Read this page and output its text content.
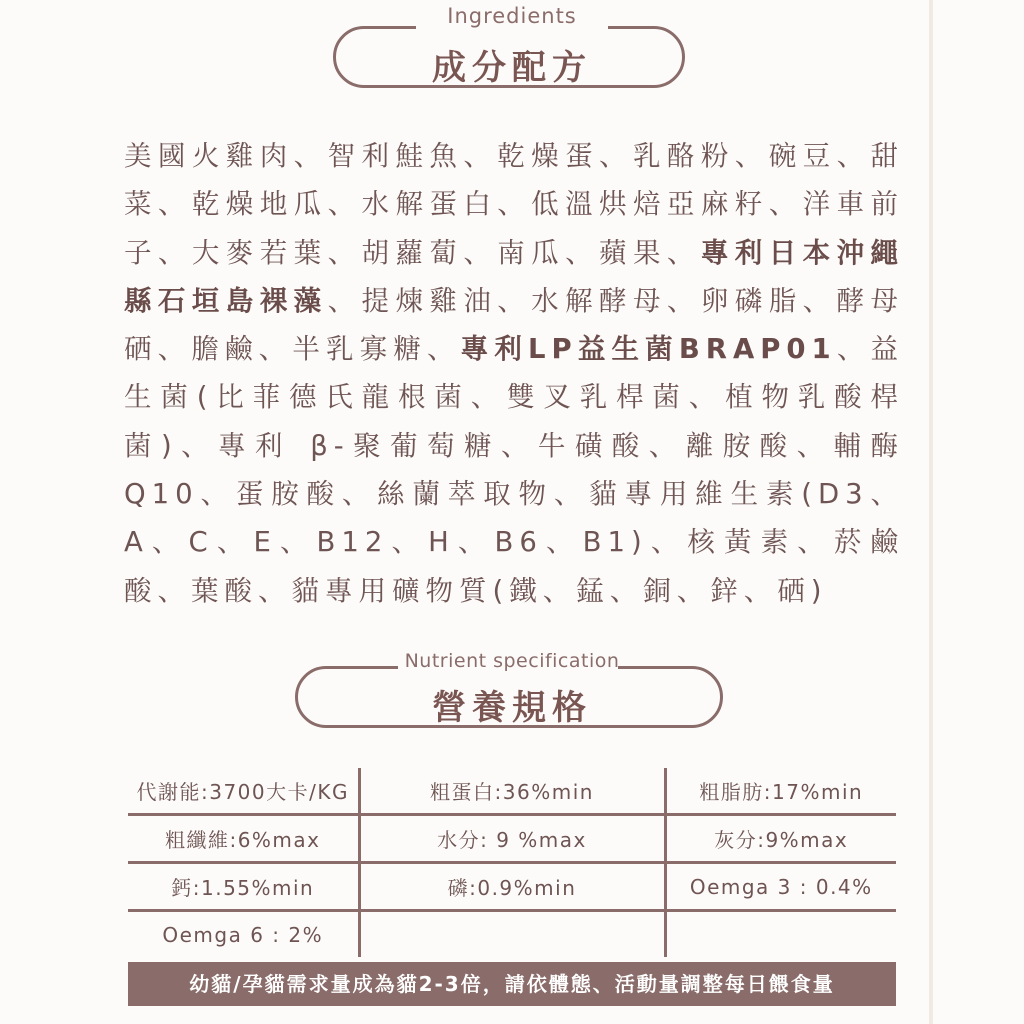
Ingredients
成分配方
美國火雞肉、智利鮭魚、乾燥蛋、乳酪粉、碗豆、甜菜、乾燥地瓜、水解蛋白、低溫烘焙亞麻籽、洋車前子、大麥若葉、胡蘿蔔、南瓜、蘋果、專利日本沖繩縣石垣島裸藻、提煉雞油、水解酵母、卵磷脂、酵母硒、膽鹼、半乳寡糖、專利LP益生菌BRAP01、益生菌(比菲德氏龍根菌、雙叉乳桿菌、植物乳酸桿菌)、專利 β-聚葡萄糖、牛磺酸、離胺酸、輔酶Q10、蛋胺酸、絲蘭萃取物、貓專用維生素(D3、A、C、E、B12、H、B6、B1)、核黃素、菸鹼酸、葉酸、貓專用礦物質(鐵、錳、銅、鋅、硒)
Nutrient specification
營養規格
代謝能:3700大卡/KG	粗蛋白:36%min	粗脂肪:17%min
粗纖維:6%max	水分: 9 %max	灰分:9%max
鈣:1.55%min	磷:0.9%min	Oemga 3 : 0.4%
Oemga 6 : 2%		
幼貓/孕貓需求量成為貓2-3倍，請依體態、活動量調整每日餵食量
